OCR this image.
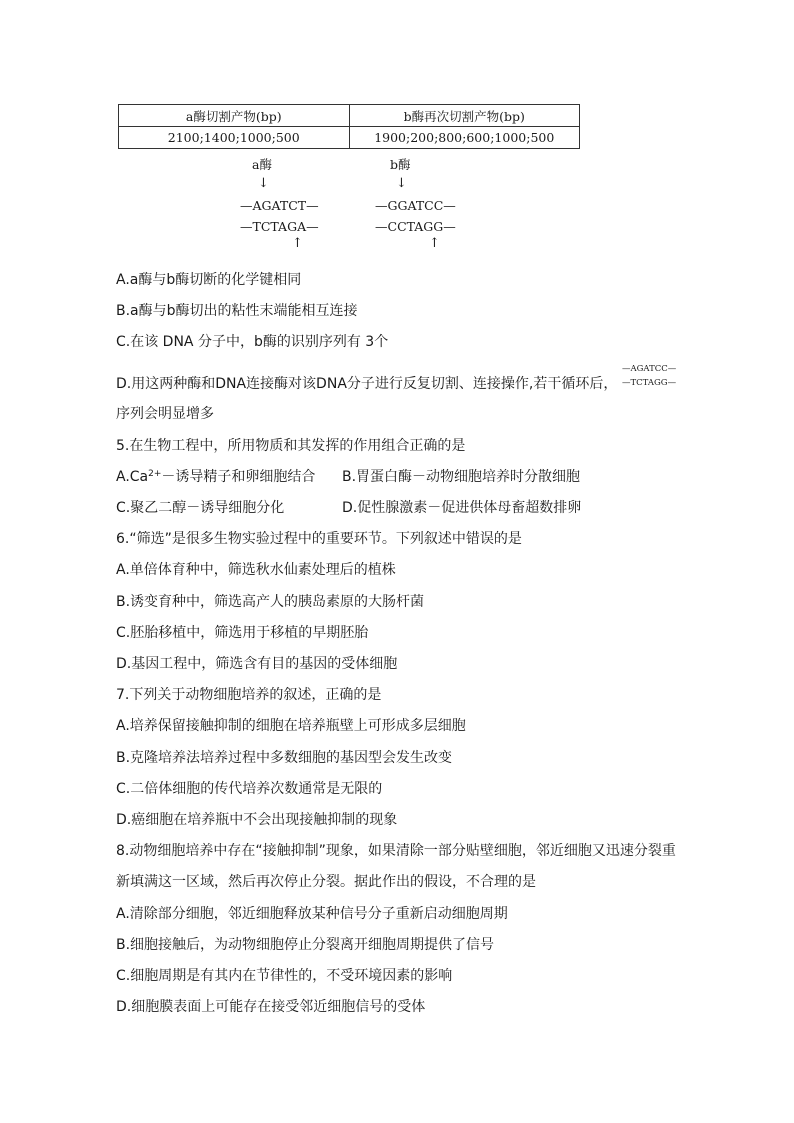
a酶切割产物(bp)	b酶再次切割产物(bp)
2100;1400;1000;500	1900;200;800;600;1000;500
a酶
↓
—AGATCT—
—TCTAGA—
↑
b酶
↓
—GGATCC—
—CCTAGG—
↑
A.a酶与b酶切断的化学键相同
B.a酶与b酶切出的粘性末端能相互连接
C.在该 DNA 分子中，b酶的识别序列有 3个
D.用这两种酶和DNA连接酶对该DNA分子进行反复切割、连接操作,若干循环后，
—AGATCC—
—TCTAGG—
序列会明显增多
5.在生物工程中，所用物质和其发挥的作用组合正确的是
$A.Ca^{2+}-$诱导精子和卵细胞结合 B.胃蛋白酶－动物细胞培养时分散细胞
C.聚乙二醇－诱导细胞分化	D.促性腺激素－促进供体母畜超数排卵
6.“筛选”是很多生物实验过程中的重要环节。下列叙述中错误的是
A.单倍体育种中，筛选秋水仙素处理后的植株
B.诱变育种中，筛选高产人的胰岛素原的大肠杆菌
C.胚胎移植中，筛选用于移植的早期胚胎
D.基因工程中，筛选含有目的基因的受体细胞
7.下列关于动物细胞培养的叙述，正确的是
A.培养保留接触抑制的细胞在培养瓶壁上可形成多层细胞
B.克隆培养法培养过程中多数细胞的基因型会发生改变
C.二倍体细胞的传代培养次数通常是无限的
D.癌细胞在培养瓶中不会出现接触抑制的现象
8.动物细胞培养中存在“接触抑制”现象，如果清除一部分贴壁细胞，邻近细胞又迅速分裂重
新填满这一区域，然后再次停止分裂。据此作出的假设，不合理的是
A.清除部分细胞，邻近细胞释放某种信号分子重新启动细胞周期
B.细胞接触后，为动物细胞停止分裂离开细胞周期提供了信号
C.细胞周期是有其内在节律性的，不受环境因素的影响
D.细胞膜表面上可能存在接受邻近细胞信号的受体
